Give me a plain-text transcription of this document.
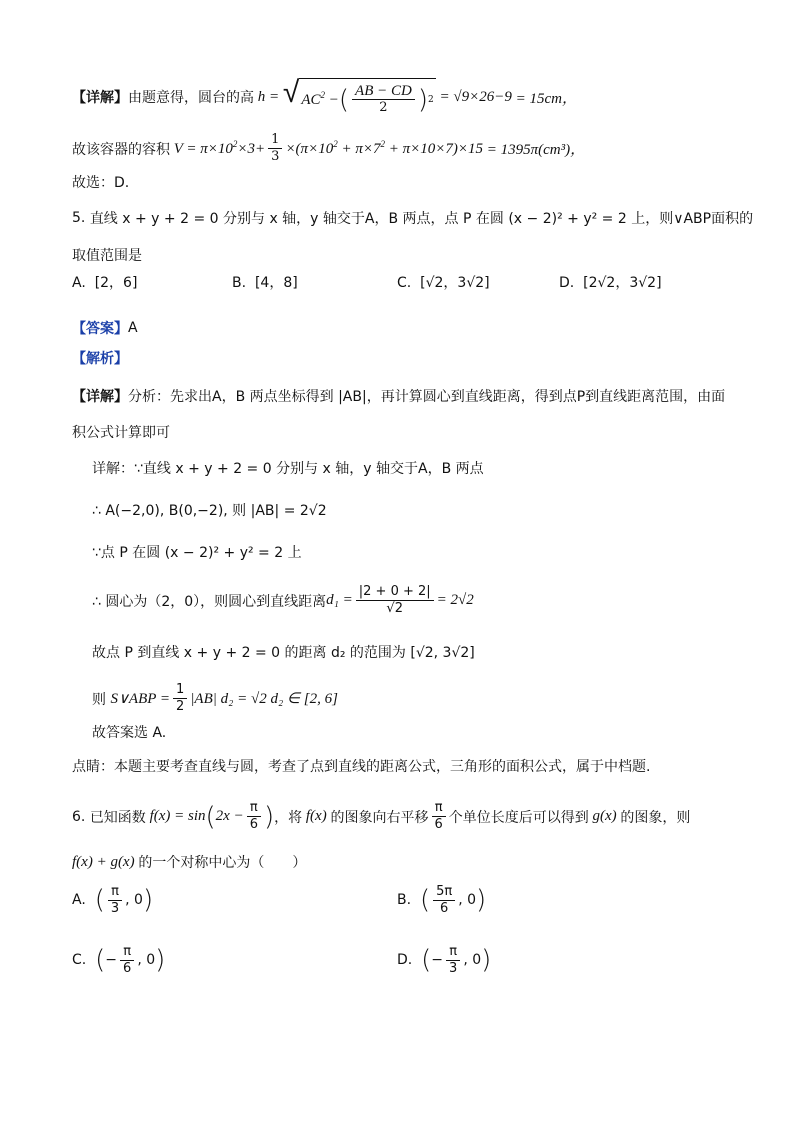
【详解】 由题意得，圆台的高 h = √ $AC^2$ − ( $\frac{AB - CD}{2}$ ) 2 = √9×26−9 = 15cm，
故该容器的容积 $V = \pi\times 10^2\times 3+ \frac{1}{3} \times(\pi\times 10^2 + \pi\times 7^2 + \pi\times 10\times 7)\times 15 = 1395\pi(cm^3)$，
故选：D.
5.
直线 x + y + 2 = 0 分别与 x 轴，y 轴交于A，B 两点，点 P 在圆 (x − 2)² + y² = 2 上，则∨ABP面积的
取值范围是
A. [2，6]	B. [4，8]	C. [√2，3√2]	D. [2√2，3√2]
【答案】 A
【解析】
【详解】 分析：先求出A，B 两点坐标得到 |AB|，再计算圆心到直线距离，得到点P到直线距离范围，由面
积公式计算即可
详解：∵直线 x + y + 2 = 0 分别与 x 轴，y 轴交于A，B 两点
∴ A(−2,0), B(0,−2), 则 |AB| = 2√2
∵点 P 在圆 (x − 2)² + y² = 2 上
∴ 圆心为（2，0），则圆心到直线距离 $d_1 = \frac{|2 + 0 + 2|}{√2} = 2√2$
故点 P 到直线 x + y + 2 = 0 的距离 d₂ 的范围为 [√2, 3√2]
则
S∨ABP = $\frac{1}{2} |AB|$ d₂ = √2 d₂ ∈ [2, 6]
故答案选 A.
点睛：本题主要考查直线与圆，考查了点到直线的距离公式，三角形的面积公式，属于中档题.
6.
已知函数 f(x) = sin ( $2x - \frac{\pi}{6}$ ) ，将 f(x) 的图象向右平移 $\frac{\pi}{6}$ 个单位长度后可以得到 g(x) 的图象，则
f(x) + g(x) 的一个对称中心为（　　）
A.
( $\frac{\pi}{3}$ , 0 )	B.
( $\frac{5\pi}{6}$ , 0 )
C.
( − $\frac{\pi}{6}$ , 0 )	D.
( − $\frac{\pi}{3}$ , 0 )
